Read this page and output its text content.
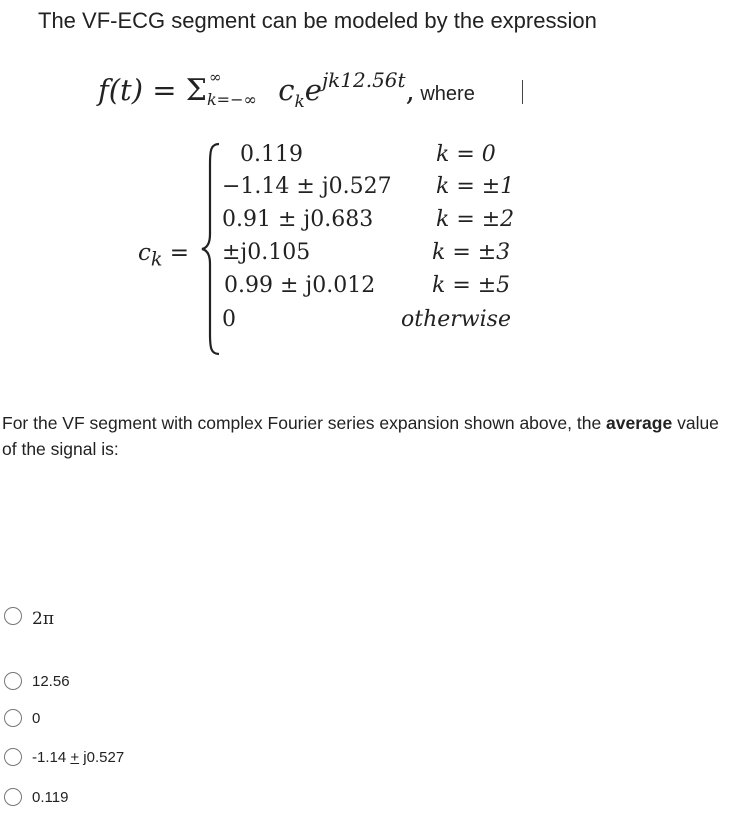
The VF-ECG segment can be modeled by the expression
f(t) = Σ ∞
k=−∞ $c_ke^{jk12.56t}$, where
$c_k$ =
0.119
−1.14 ± j0.527
0.91 ± j0.683
±j0.105
0.99 ± j0.012
0
k = 0
k = ±1
k = ±2
k = ±3
k = ±5
otherwise
For the VF segment with complex Fourier series expansion shown above, the average value of the signal is:
2π
12.56
0
-1.14 + j0.527
0.119
